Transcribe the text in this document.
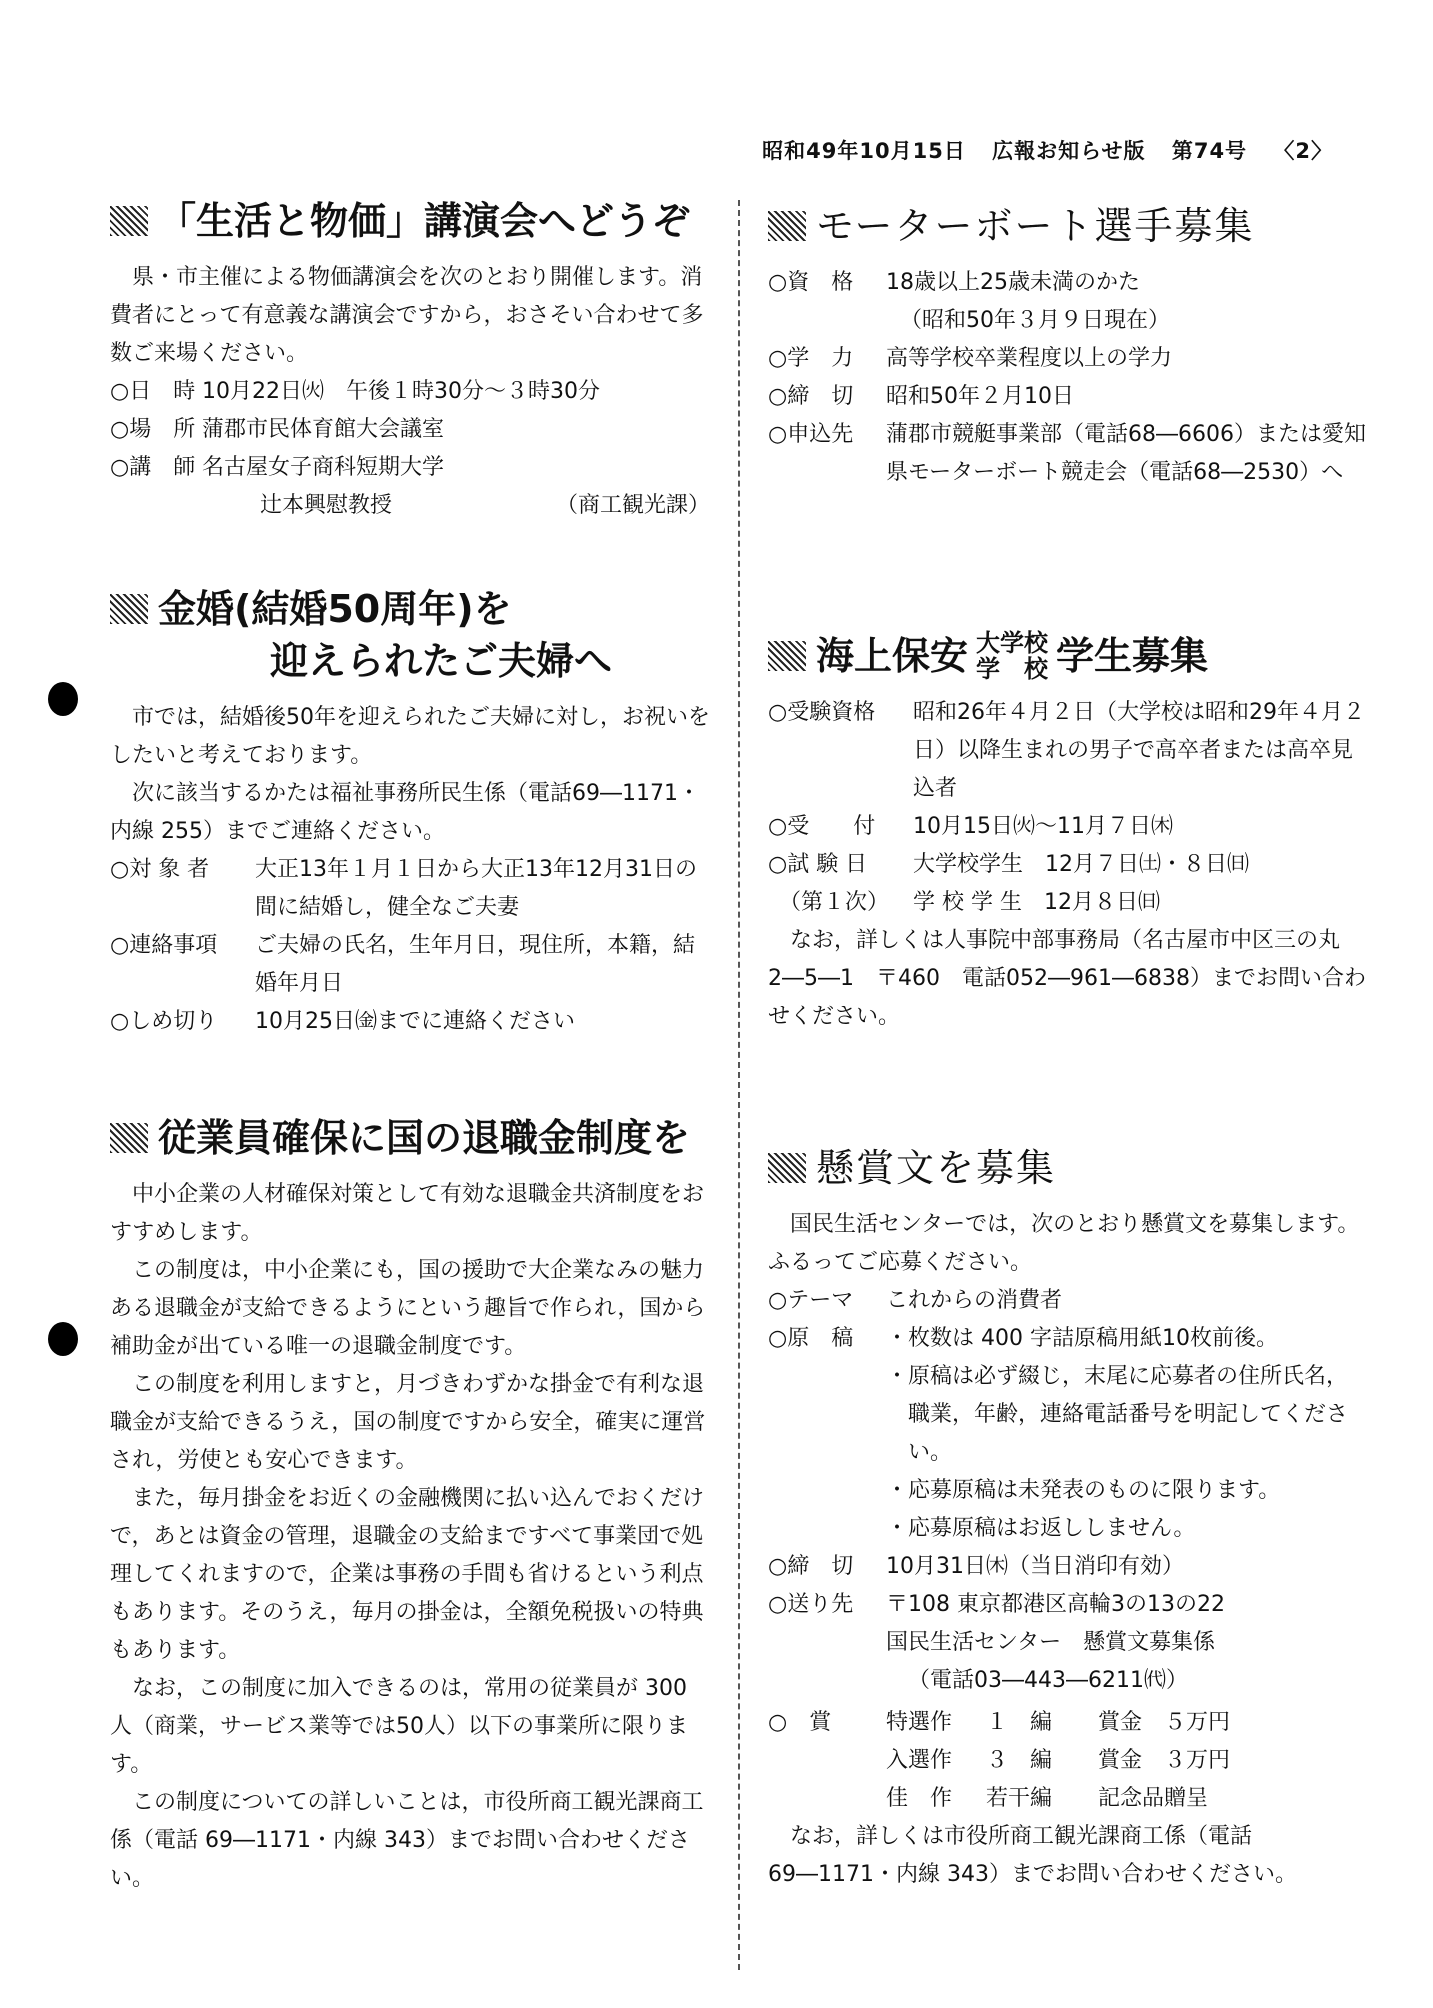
昭和49年10月15日 広報お知らせ版 第74号 〈2〉
「生活と物価」講演会へどうぞ

県・市主催による物価講演会を次のとおり開催します。消費者にとって有意義な講演会ですから，おさそい合わせて多数ご来場ください。

○日　時 10月22日㈫　午後１時30分～３時30分
○場　所 蒲郡市民体育館大会議室
○講　師 名古屋女子商科短期大学
辻本興慰教授	（商工観光課）
金婚(結婚50周年)を
迎えられたご夫婦へ

市では，結婚後50年を迎えられたご夫婦に対し，お祝いをしたいと考えております。

次に該当するかたは福祉事務所民生係（電話69―1171・内線 255）までご連絡ください。

○対 象 者　	大正13年１月１日から大正13年12月31日の間に結婚し，健全なご夫妻
○連絡事項　 ご夫婦の氏名，生年月日，現住所，本籍，結婚年月日
○しめ切り　 10月25日㈮までに連絡ください
従業員確保に国の退職金制度を

中小企業の人材確保対策として有効な退職金共済制度をおすすめします。

この制度は，中小企業にも，国の援助で大企業なみの魅力ある退職金が支給できるようにという趣旨で作られ，国から補助金が出ている唯一の退職金制度です。

この制度を利用しますと，月づきわずかな掛金で有利な退職金が支給できるうえ，国の制度ですから安全，確実に運営され，労使とも安心できます。

また，毎月掛金をお近くの金融機関に払い込んでおくだけで，あとは資金の管理，退職金の支給まですべて事業団で処理してくれますので，企業は事務の手間も省けるという利点もあります。そのうえ，毎月の掛金は，全額免税扱いの特典もあります。

なお，この制度に加入できるのは，常用の従業員が 300 人（商業，サービス業等では50人）以下の事業所に限ります。

この制度についての詳しいことは，市役所商工観光課商工係（電話 69―1171・内線 343）までお問い合わせください。

モーターボート選手募集
○資　格　 18歳以上25歳未満のかた

（昭和50年３月９日現在）
○学　力　 高等学校卒業程度以上の学力
○締　切　 昭和50年２月10日
○申込先　 蒲郡市競艇事業部（電話68―6606）または愛知県モーターボート競走会（電話68―2530）へ
海上保安 大学校
学　校 学生募集
○受験資格　 昭和26年４月２日（大学校は昭和29年４月２日）以降生まれの男子で高卒者または高卒見込者
○受　　付　 10月15日㈫～11月７日㈭
○試 験 日　	大学校学生　12月７日㈯・８日㈰
　（第１次）　 学 校 学 生　12月８日㈰

なお，詳しくは人事院中部事務局（名古屋市中区三の丸2―5―1　〒460　電話052―961―6838）までお問い合わせください。

懸賞文を募集

国民生活センターでは，次のとおり懸賞文を募集します。ふるってご応募ください。

○テーマ　 これからの消費者
○原　稿　 ・ 枚数は 400 字詰原稿用紙10枚前後。
・ 原稿は必ず綴じ，末尾に応募者の住所氏名，職業，年齢，連絡電話番号を明記してください。
・ 応募原稿は未発表のものに限ります。
・ 応募原稿はお返ししません。
○締　切　 10月31日㈭（当日消印有効）
○送り先　 〒108 東京都港区高輪3の13の22
国民生活センター　懸賞文募集係
（電話03―443―6211㈹）
○　賞　	特選作	１　編	賞金　５万円
入選作	３　編	賞金　３万円
佳　作	若干編	記念品贈呈

なお，詳しくは市役所商工観光課商工係（電話69―1171・内線 343）までお問い合わせください。
